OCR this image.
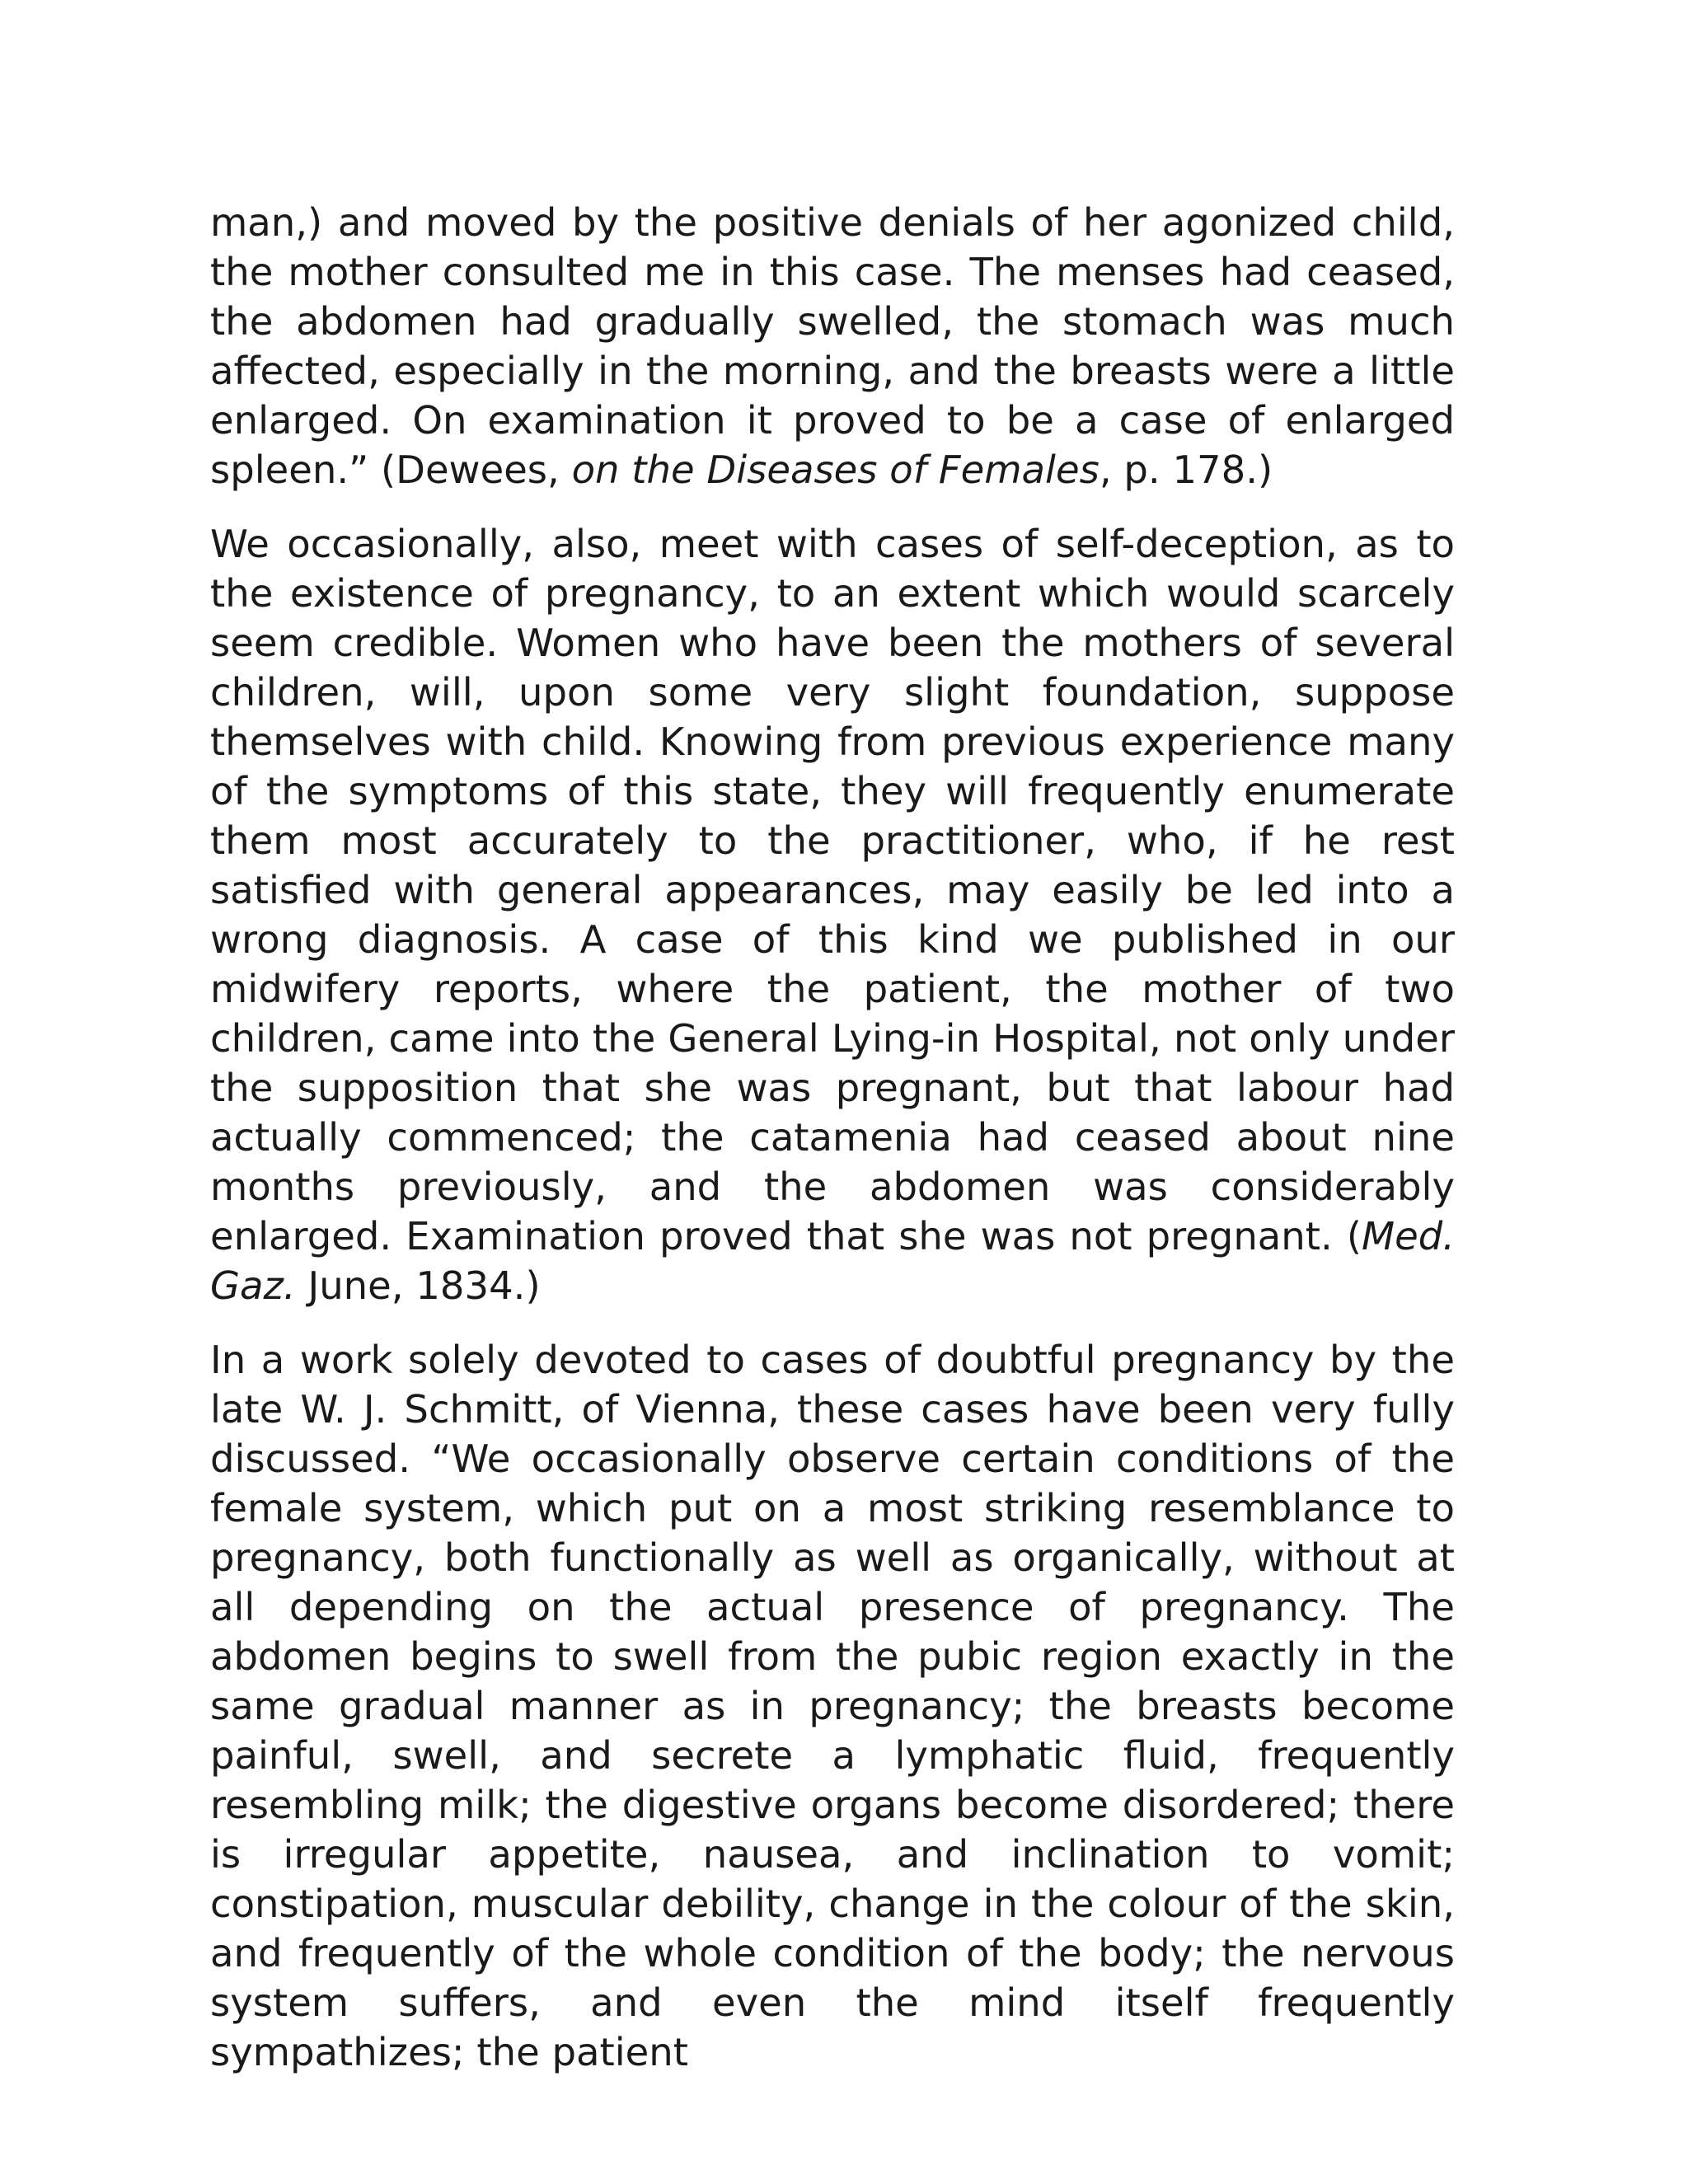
man,) and moved by the positive denials of her agonized child, the mother consulted me in this case. The menses had ceased, the abdomen had gradually swelled, the stomach was much affected, especially in the morning, and the breasts were a little enlarged. On examination it proved to be a case of enlarged spleen.” (Dewees, on the Diseases of Females, p. 178.)

We occasionally, also, meet with cases of self-deception, as to the existence of pregnancy, to an extent which would scarcely seem credible. Women who have been the mothers of several children, will, upon some very slight foundation, suppose themselves with child. Knowing from previous experience many of the symptoms of this state, they will frequently enumerate them most accurately to the practitioner, who, if he rest satisfied with general appearances, may easily be led into a wrong diagnosis. A case of this kind we published in our midwifery reports, where the patient, the mother of two children, came into the General Lying-in Hospital, not only under the supposition that she was pregnant, but that labour had actually commenced; the catamenia had ceased about nine months previously, and the abdomen was considerably enlarged. Examination proved that she was not pregnant. (Med. Gaz. June, 1834.)

In a work solely devoted to cases of doubtful pregnancy by the late W. J. Schmitt, of Vienna, these cases have been very fully discussed. “We occasionally observe certain conditions of the female system, which put on a most striking resemblance to pregnancy, both functionally as well as organically, without at all depending on the actual presence of pregnancy. The abdomen begins to swell from the pubic region exactly in the same gradual manner as in pregnancy; the breasts become painful, swell, and secrete a lymphatic fluid, frequently resembling milk; the digestive organs become disordered; there is irregular appetite, nausea, and inclination to vomit; constipation, muscular debility, change in the colour of the skin, and frequently of the whole condition of the body; the nervous system suffers, and even the mind itself frequently sympathizes; the patient
